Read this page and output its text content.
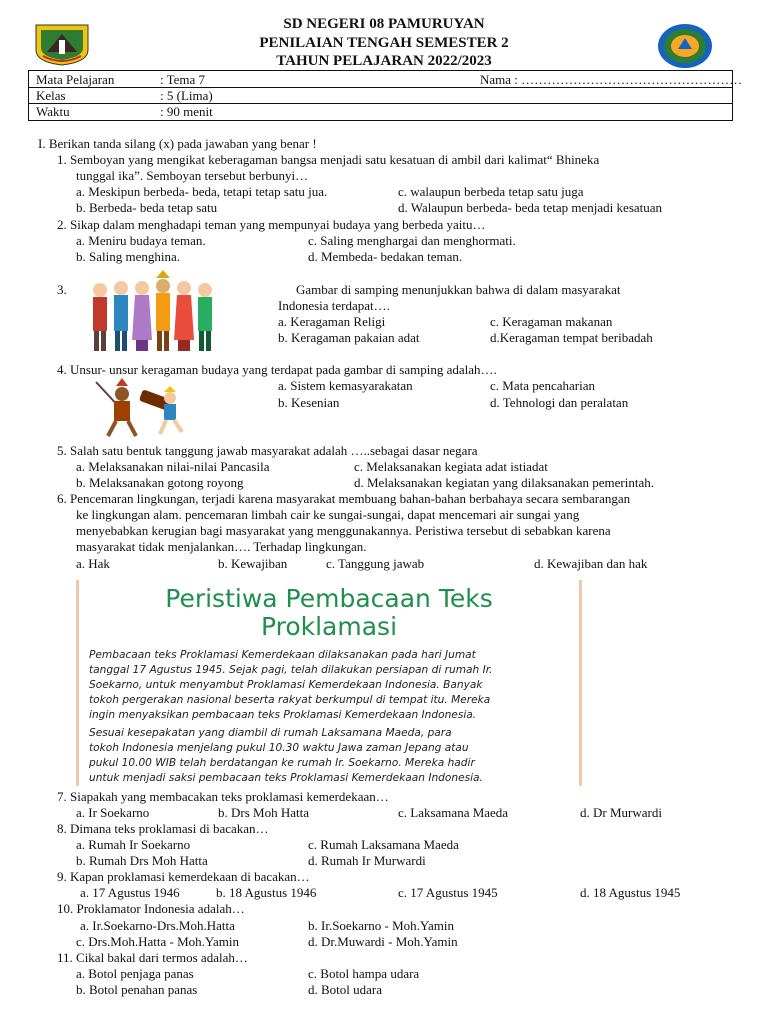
SD NEGERI 08 PAMURUYAN
PENILAIAN TENGAH SEMESTER 2
TAHUN PELAJARAN 2022/2023
Mata Pelajaran	: Tema 7	Nama : ……………………………………………
Kelas	: 5 (Lima)
Waktu	: 90 menit
I. Berikan tanda silang (x) pada jawaban yang benar !
1. Semboyan yang mengikat keberagaman bangsa menjadi satu kesatuan di ambil dari kalimat“ Bhineka
tunggal ika”. Semboyan tersebut berbunyi…
a. Meskipun berbeda- beda, tetapi tetap satu jua.	c. walaupun berbeda tetap satu juga
b. Berbeda- beda tetap satu	d. Walaupun berbeda- beda tetap menjadi kesatuan
2. Sikap dalam menghadapi teman yang mempunyai budaya yang berbeda yaitu…
a. Meniru budaya teman.	c. Saling menghargai dan menghormati.
b. Saling menghina.	d. Membeda- bedakan teman.
3.	Gambar di samping menunjukkan bahwa di dalam masyarakat
Indonesia terdapat….
a. Keragaman Religi	c. Keragaman makanan
b. Keragaman pakaian adat	d.Keragaman tempat beribadah
4. Unsur- unsur keragaman budaya yang terdapat pada gambar di samping adalah….
a. Sistem kemasyarakatan	c. Mata pencaharian
b. Kesenian	d. Tehnologi dan peralatan
5. Salah satu bentuk tanggung jawab masyarakat adalah …..sebagai dasar negara
a. Melaksanakan nilai-nilai Pancasila	c. Melaksanakan kegiata adat istiadat
b. Melaksanakan gotong royong	d. Melaksanakan kegiatan yang dilaksanakan pemerintah.
6. Pencemaran lingkungan, terjadi karena masyarakat membuang bahan-bahan berbahaya secara sembarangan
ke lingkungan alam. pencemaran limbah cair ke sungai-sungai, dapat mencemari air sungai yang
menyebabkan kerugian bagi masyarakat yang menggunakannya. Peristiwa tersebut di sebabkan karena
masyarakat tidak menjalankan…. Terhadap lingkungan.
a. Hak	b. Kewajiban	c. Tanggung jawab	d. Kewajiban dan hak
Peristiwa Pembacaan Teks
Proklamasi
Pembacaan teks Proklamasi Kemerdekaan dilaksanakan pada hari Jumat
tanggal 17 Agustus 1945. Sejak pagi, telah dilakukan persiapan di rumah Ir.
Soekarno, untuk menyambut Proklamasi Kemerdekaan Indonesia. Banyak
tokoh pergerakan nasional beserta rakyat berkumpul di tempat itu. Mereka
ingin menyaksikan pembacaan teks Proklamasi Kemerdekaan Indonesia.
Sesuai kesepakatan yang diambil di rumah Laksamana Maeda, para
tokoh Indonesia menjelang pukul 10.30 waktu Jawa zaman Jepang atau
pukul 10.00 WIB telah berdatangan ke rumah Ir. Soekarno. Mereka hadir
untuk menjadi saksi pembacaan teks Proklamasi Kemerdekaan Indonesia.
7. Siapakah yang membacakan teks proklamasi kemerdekaan…
a. Ir Soekarno	b. Drs Moh Hatta	c. Laksamana Maeda	d. Dr Murwardi
8. Dimana teks proklamasi di bacakan…
a. Rumah Ir Soekarno	c. Rumah Laksamana Maeda
b. Rumah Drs Moh Hatta	d. Rumah Ir Murwardi
9. Kapan proklamasi kemerdekaan di bacakan…
a. 17 Agustus 1946	b. 18 Agustus 1946	c. 17 Agustus 1945	d. 18 Agustus 1945
10. Proklamator Indonesia adalah…
a. Ir.Soekarno-Drs.Moh.Hatta	b. Ir.Soekarno - Moh.Yamin
c. Drs.Moh.Hatta - Moh.Yamin	d. Dr.Muwardi - Moh.Yamin
11. Cikal bakal dari termos adalah…
a. Botol penjaga panas	c. Botol hampa udara
b. Botol penahan panas	d. Botol udara
